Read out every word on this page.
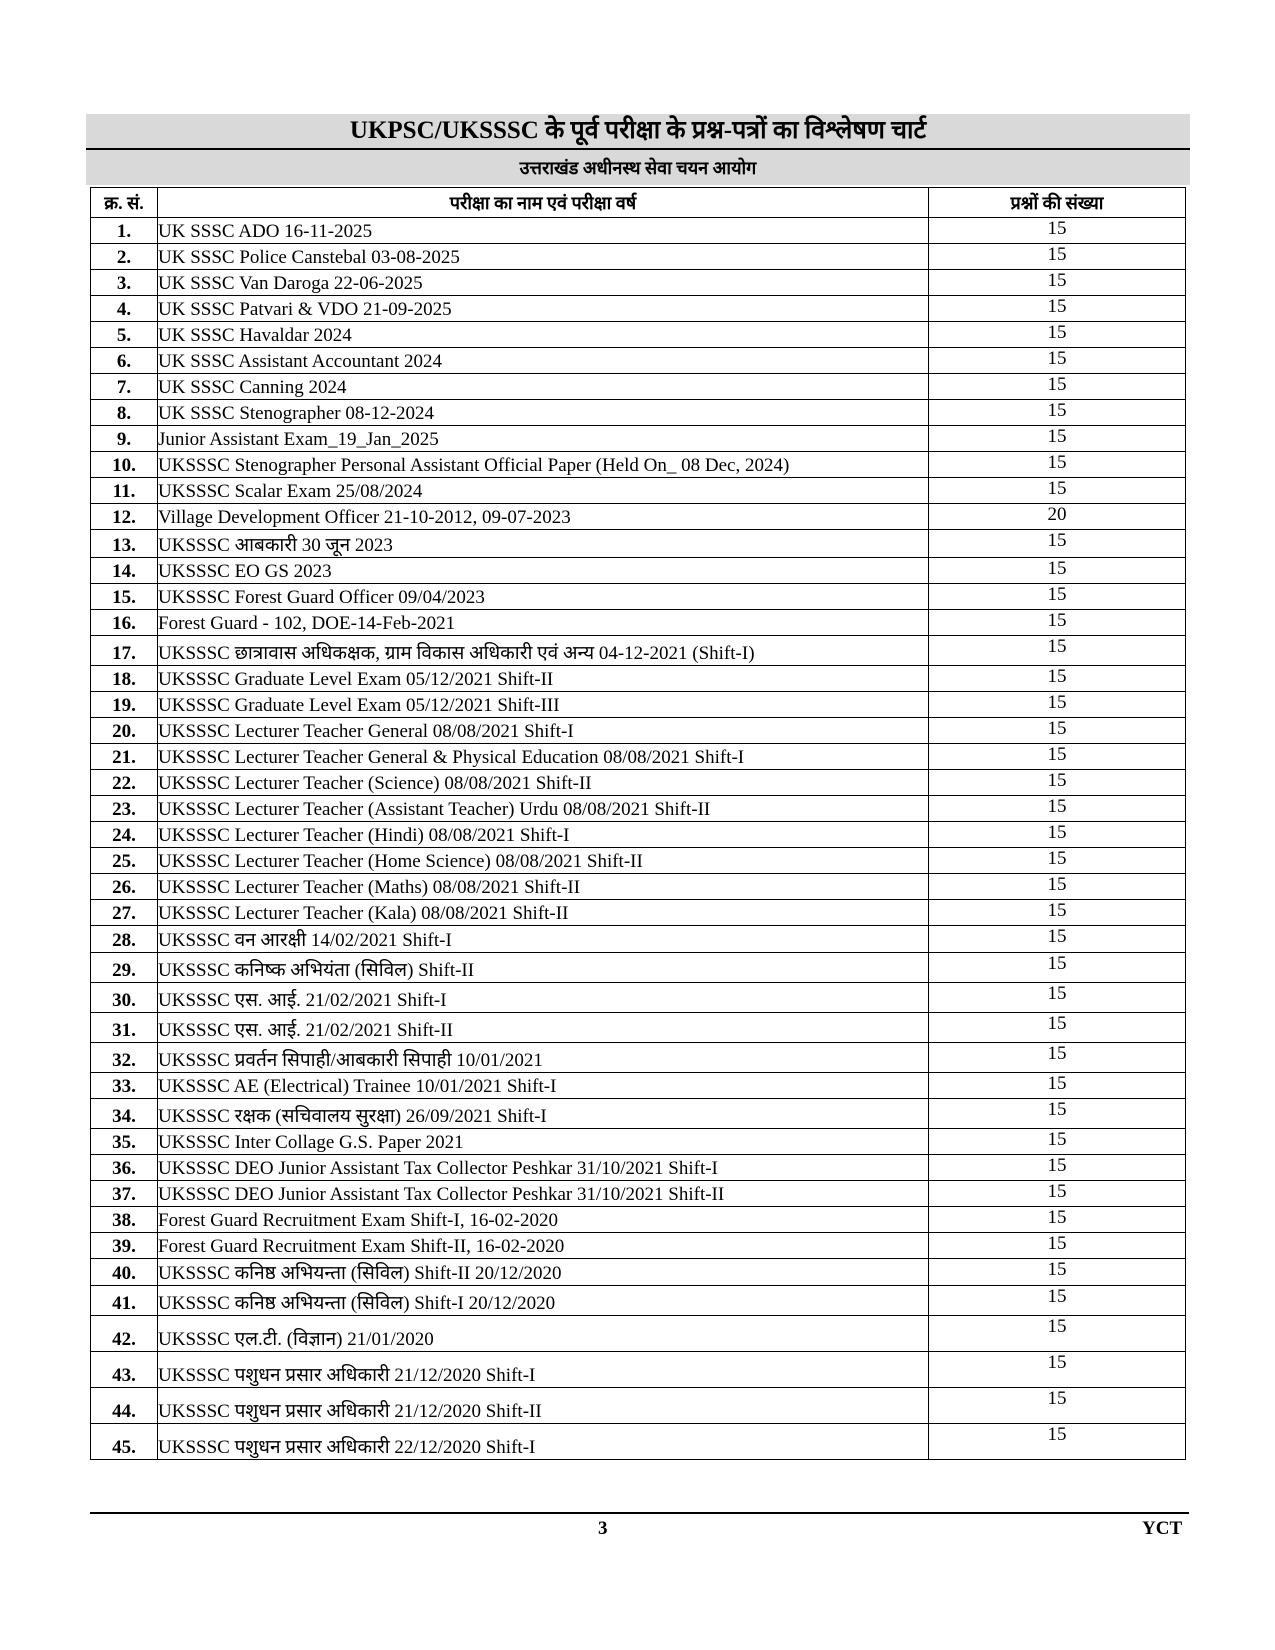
UKPSC/UKSSSC के पूर्व परीक्षा के प्रश्न-पत्रों का विश्लेषण चार्ट
उत्तराखंड अधीनस्थ सेवा चयन आयोग
क्र. सं.	परीक्षा का नाम एवं परीक्षा वर्ष	प्रश्नों की संख्या
1.	UK SSSC ADO 16-11-2025	15
2.	UK SSSC Police Canstebal 03-08-2025	15
3.	UK SSSC Van Daroga 22-06-2025	15
4.	UK SSSC Patvari & VDO 21-09-2025	15
5.	UK SSSC Havaldar 2024	15
6.	UK SSSC Assistant Accountant 2024	15
7.	UK SSSC Canning 2024	15
8.	UK SSSC Stenographer 08-12-2024	15
9.	Junior Assistant Exam_19_Jan_2025	15
10.	UKSSSC Stenographer Personal Assistant Official Paper (Held On_ 08 Dec, 2024)	15
11.	UKSSSC Scalar Exam 25/08/2024	15
12.	Village Development Officer 21-10-2012, 09-07-2023	20
13.	UKSSSC आबकारी 30 जून 2023	15
14.	UKSSSC EO GS 2023	15
15.	UKSSSC Forest Guard Officer 09/04/2023	15
16.	Forest Guard - 102, DOE-14-Feb-2021	15
17.	UKSSSC छात्रावास अधिकक्षक, ग्राम विकास अधिकारी एवं अन्य 04-12-2021 (Shift-I)	15
18.	UKSSSC Graduate Level Exam 05/12/2021 Shift-II	15
19.	UKSSSC Graduate Level Exam 05/12/2021 Shift-III	15
20.	UKSSSC Lecturer Teacher General 08/08/2021 Shift-I	15
21.	UKSSSC Lecturer Teacher General & Physical Education 08/08/2021 Shift-I	15
22.	UKSSSC Lecturer Teacher (Science) 08/08/2021 Shift-II	15
23.	UKSSSC Lecturer Teacher (Assistant Teacher) Urdu 08/08/2021 Shift-II	15
24.	UKSSSC Lecturer Teacher (Hindi) 08/08/2021 Shift-I	15
25.	UKSSSC Lecturer Teacher (Home Science) 08/08/2021 Shift-II	15
26.	UKSSSC Lecturer Teacher (Maths) 08/08/2021 Shift-II	15
27.	UKSSSC Lecturer Teacher (Kala) 08/08/2021 Shift-II	15
28.	UKSSSC वन आरक्षी 14/02/2021 Shift-I	15
29.	UKSSSC कनिष्क अभियंता (सिविल) Shift-II	15
30.	UKSSSC एस. आई. 21/02/2021 Shift-I	15
31.	UKSSSC एस. आई. 21/02/2021 Shift-II	15
32.	UKSSSC प्रवर्तन सिपाही/आबकारी सिपाही 10/01/2021	15
33.	UKSSSC AE (Electrical) Trainee 10/01/2021 Shift-I	15
34.	UKSSSC रक्षक (सचिवालय सुरक्षा) 26/09/2021 Shift-I	15
35.	UKSSSC Inter Collage G.S. Paper 2021	15
36.	UKSSSC DEO Junior Assistant Tax Collector Peshkar 31/10/2021 Shift-I	15
37.	UKSSSC DEO Junior Assistant Tax Collector Peshkar 31/10/2021 Shift-II	15
38.	Forest Guard Recruitment Exam Shift-I, 16-02-2020	15
39.	Forest Guard Recruitment Exam Shift-II, 16-02-2020	15
40.	UKSSSC कनिष्ठ अभियन्ता (सिविल) Shift-II 20/12/2020	15
41.	UKSSSC कनिष्ठ अभियन्ता (सिविल) Shift-I 20/12/2020	15
42.	UKSSSC एल.टी. (विज्ञान) 21/01/2020	15
43.	UKSSSC पशुधन प्रसार अधिकारी 21/12/2020 Shift-I	15
44.	UKSSSC पशुधन प्रसार अधिकारी 21/12/2020 Shift-II	15
45.	UKSSSC पशुधन प्रसार अधिकारी 22/12/2020 Shift-I	15
3	YCT
